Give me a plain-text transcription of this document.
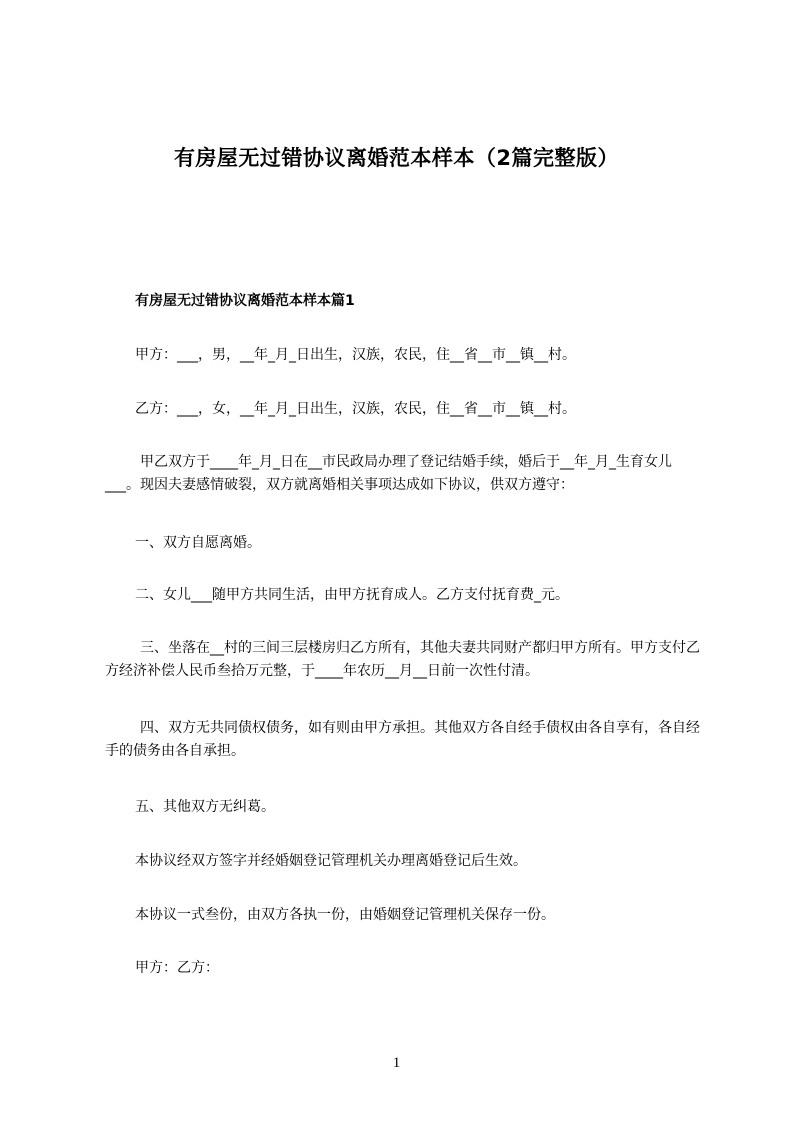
有房屋无过错协议离婚范本样本（2篇完整版）
有房屋无过错协议离婚范本样本篇1
甲方：___，男，__年_月_日出生，汉族，农民，住__省__市__镇__村。
乙方：___，女，__年_月_日出生，汉族，农民，住__省__市__镇__村。
甲乙双方于____年_月_日在__市民政局办理了登记结婚手续，婚后于__年_月_生育女儿___。现因夫妻感情破裂，双方就离婚相关事项达成如下协议，供双方遵守：
一、双方自愿离婚。
二、女儿___随甲方共同生活，由甲方抚育成人。乙方支付抚育费_元。
三、坐落在__村的三间三层楼房归乙方所有，其他夫妻共同财产都归甲方所有。甲方支付乙方经济补偿人民币叁拾万元整，于____年农历__月__日前一次性付清。
四、双方无共同债权债务，如有则由甲方承担。其他双方各自经手债权由各自享有，各自经手的债务由各自承担。
五、其他双方无纠葛。
本协议经双方签字并经婚姻登记管理机关办理离婚登记后生效。
本协议一式叁份，由双方各执一份，由婚姻登记管理机关保存一份。
甲方：乙方：
1
